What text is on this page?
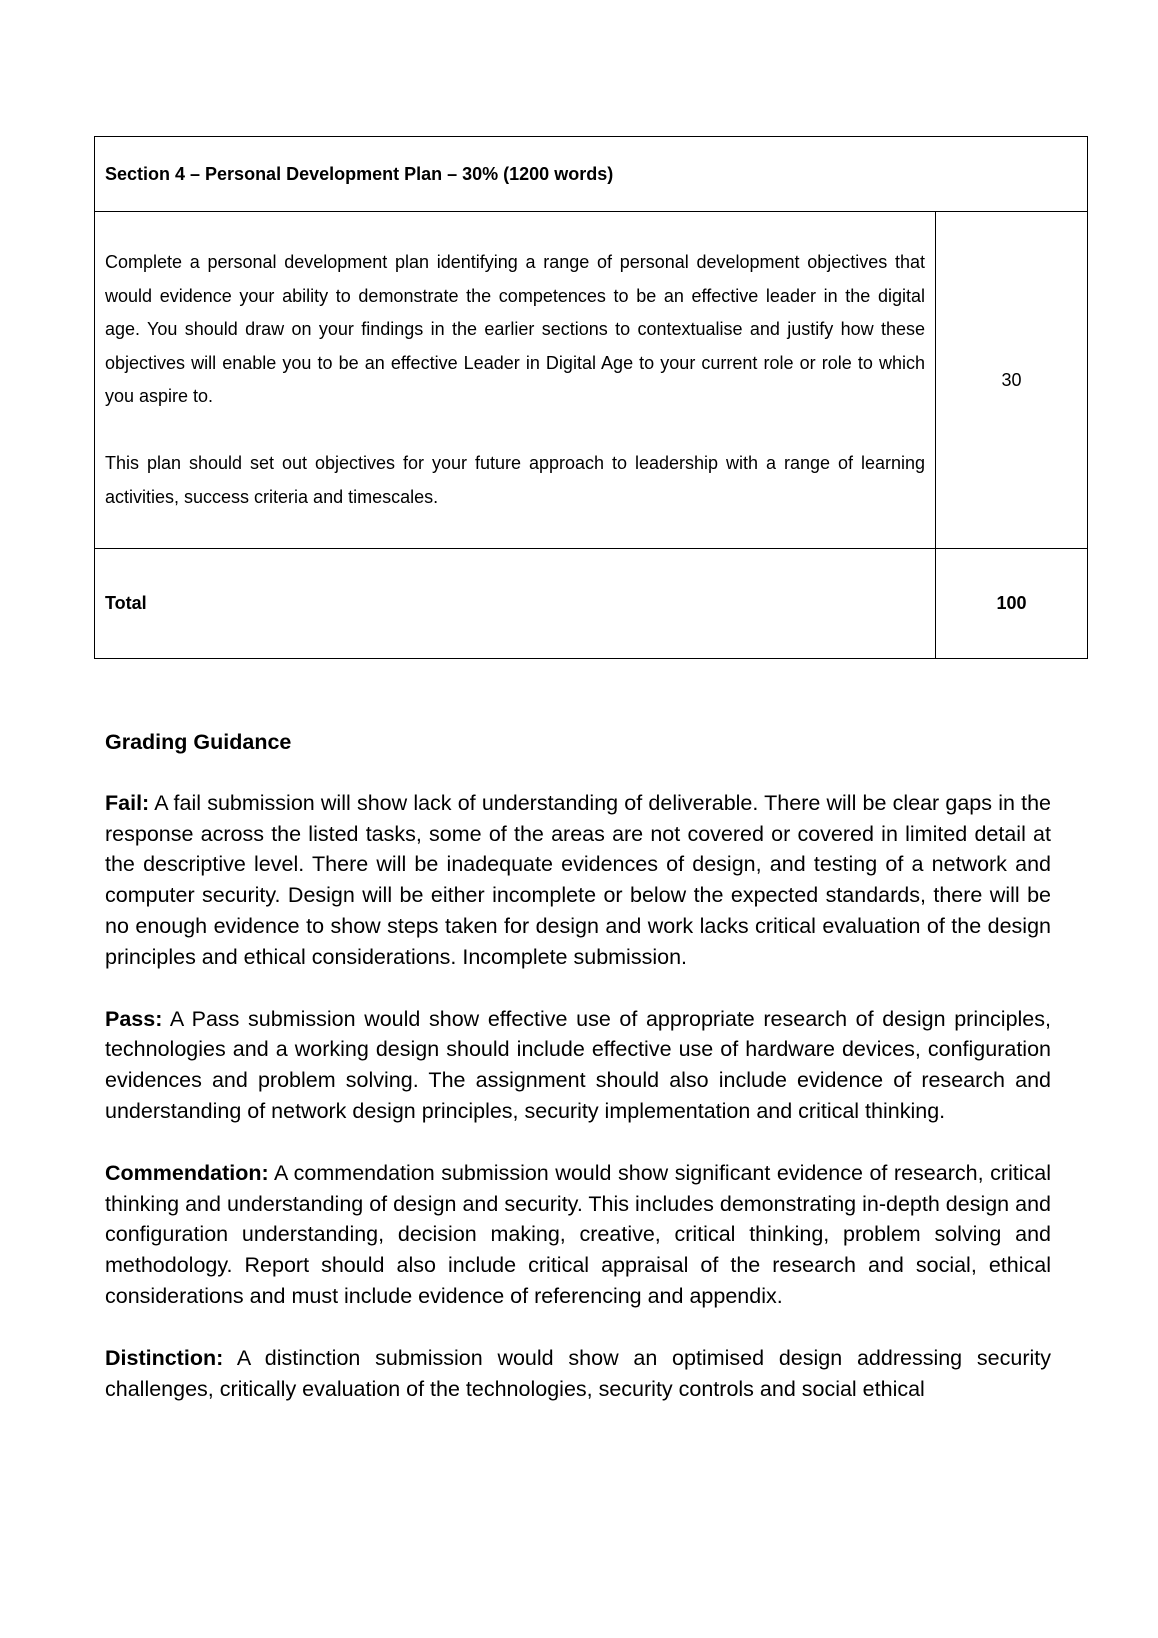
Section 4 – Personal Development Plan – 30% (1200 words)	

Complete a personal development plan identifying a range of personal development objectives that would evidence your ability to demonstrate the competences to be an effective leader in the digital age. You should draw on your findings in the earlier sections to contextualise and justify how these objectives will enable you to be an effective Leader in Digital Age to your current role or role to which you aspire to.

This plan should set out objectives for your future approach to leadership with a range of learning activities, success criteria and timescales.	30
Total	100
Grading Guidance

Fail: A fail submission will show lack of understanding of deliverable. There will be clear gaps in the response across the listed tasks, some of the areas are not covered or covered in limited detail at the descriptive level. There will be inadequate evidences of design, and testing of a network and computer security. Design will be either incomplete or below the expected standards, there will be no enough evidence to show steps taken for design and work lacks critical evaluation of the design principles and ethical considerations. Incomplete submission.

Pass: A Pass submission would show effective use of appropriate research of design principles, technologies and a working design should include effective use of hardware devices, configuration evidences and problem solving. The assignment should also include evidence of research and understanding of network design principles, security implementation and critical thinking.

Commendation: A commendation submission would show significant evidence of research, critical thinking and understanding of design and security. This includes demonstrating in-depth design and configuration understanding, decision making, creative, critical thinking, problem solving and methodology. Report should also include critical appraisal of the research and social, ethical considerations and must include evidence of referencing and appendix.

Distinction: A distinction submission would show an optimised design addressing security challenges, critically evaluation of the technologies, security controls and social ethical
